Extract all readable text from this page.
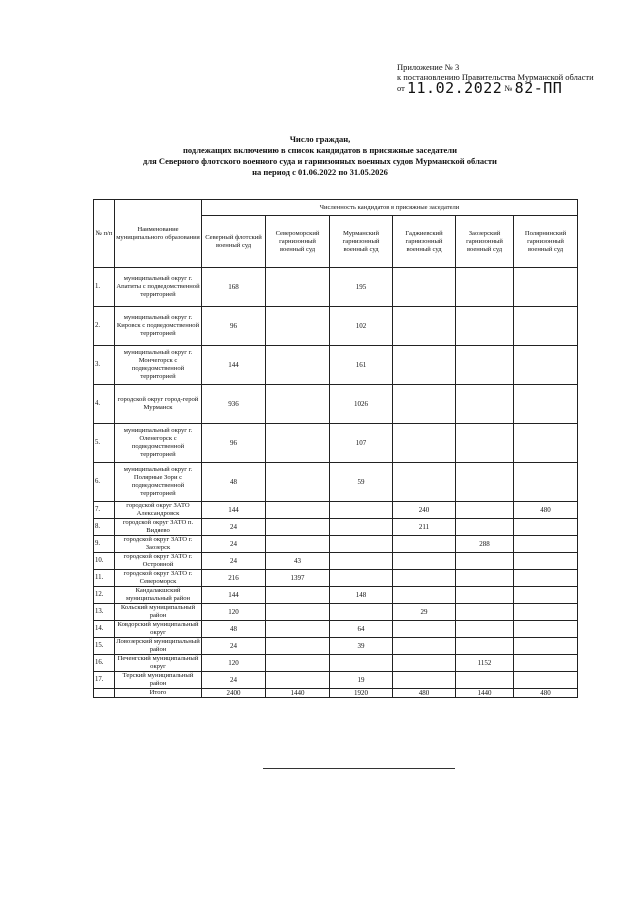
Приложение № 3
к постановлению Правительства Мурманской области
от 11.02.2022 № 82-ПП
Число граждан,
подлежащих включению в список кандидатов в присяжные заседатели
для Северного флотского военного суда и гарнизонных военных судов Мурманской области
на период с 01.06.2022 по 31.05.2026
№ п/п	Наименование муниципального образования	Численность кандидатов в присяжные заседатели					
		Северный флотский военный суд	Североморский гарнизонный военный суд	Мурманский гарнизонный военный суд	Гаджиевский гарнизонный военный суд	Заозерский гарнизонный военный суд	Полярнинский гарнизонный военный суд
1.	муниципальный округ г. Апатиты с подведомственной территорией	168		195			
2.	муниципальный округ г. Кировск с подведомственной территорией	96		102			
3.	муниципальный округ г. Мончегорск с подведомственной территорией	144		161			
4.	городской округ город-герой Мурманск	936		1026			
5.	муниципальный округ г. Оленегорск с подведомственной территорией	96		107			
6.	муниципальный округ г. Полярные Зори с подведомственной территорией	48		59			
7.	городской округ ЗАТО Александровск	144			240		480
8.	городской округ ЗАТО п. Видяево	24			211		
9.	городской округ ЗАТО г. Заозерск	24				288	
10.	городской округ ЗАТО г. Островной	24	43				
11.	городской округ ЗАТО г. Североморск	216	1397				
12.	Кандалакшский муниципальный район	144		148			
13.	Кольский муниципальный район	120			29		
14.	Ковдорский муниципальный округ	48		64			
15.	Ловозерский муниципальный район	24		39			
16.	Печенгский муниципальный округ	120				1152	
17.	Терский муниципальный район	24		19			
	Итого	2400	1440	1920	480	1440	480
